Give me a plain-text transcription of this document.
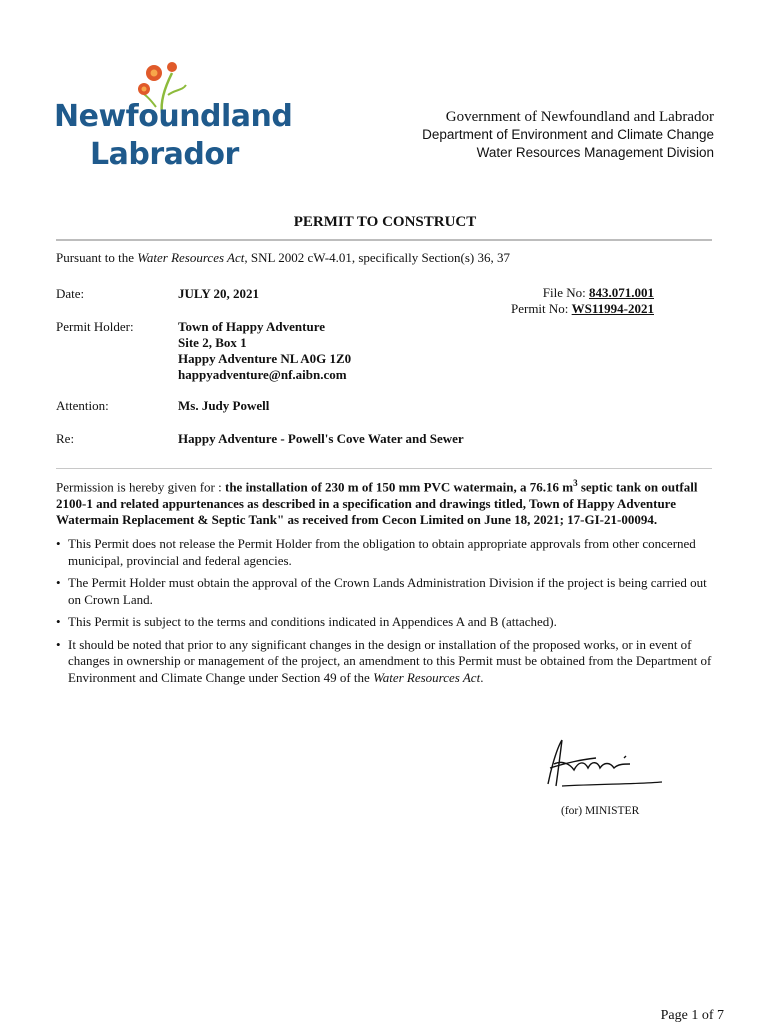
Newfoundland
Labrador
Government of Newfoundland and Labrador
Department of Environment and Climate Change
Water Resources Management Division
PERMIT TO CONSTRUCT
Pursuant to the Water Resources Act, SNL 2002 cW-4.01, specifically Section(s) 36, 37
Date:	JULY 20, 2021	File No: 843.071.001
Permit No: WS11994-2021
Permit Holder:	Town of Happy Adventure
Site 2, Box 1
Happy Adventure NL A0G 1Z0
happyadventure@nf.aibn.com
Attention:	Ms. Judy Powell
Re:	Happy Adventure - Powell's Cove Water and Sewer
Permission is hereby given for : the installation of 230 m of 150 mm PVC watermain, a 76.16 $m^3$ septic tank on outfall 2100-1 and related appurtenances as described in a specification and drawings titled, Town of Happy Adventure Watermain Replacement & Septic Tank" as received from Cecon Limited on June 18, 2021; 17-GI-21-00094.
• This Permit does not release the Permit Holder from the obligation to obtain appropriate approvals from other concerned municipal, provincial and federal agencies.
• The Permit Holder must obtain the approval of the Crown Lands Administration Division if the project is being carried out on Crown Land.
• This Permit is subject to the terms and conditions indicated in Appendices A and B (attached).
• It should be noted that prior to any significant changes in the design or installation of the proposed works, or in event of changes in ownership or management of the project, an amendment to this Permit must be obtained from the Department of Environment and Climate Change under Section 49 of the Water Resources Act.
(for) MINISTER
Page 1 of 7
